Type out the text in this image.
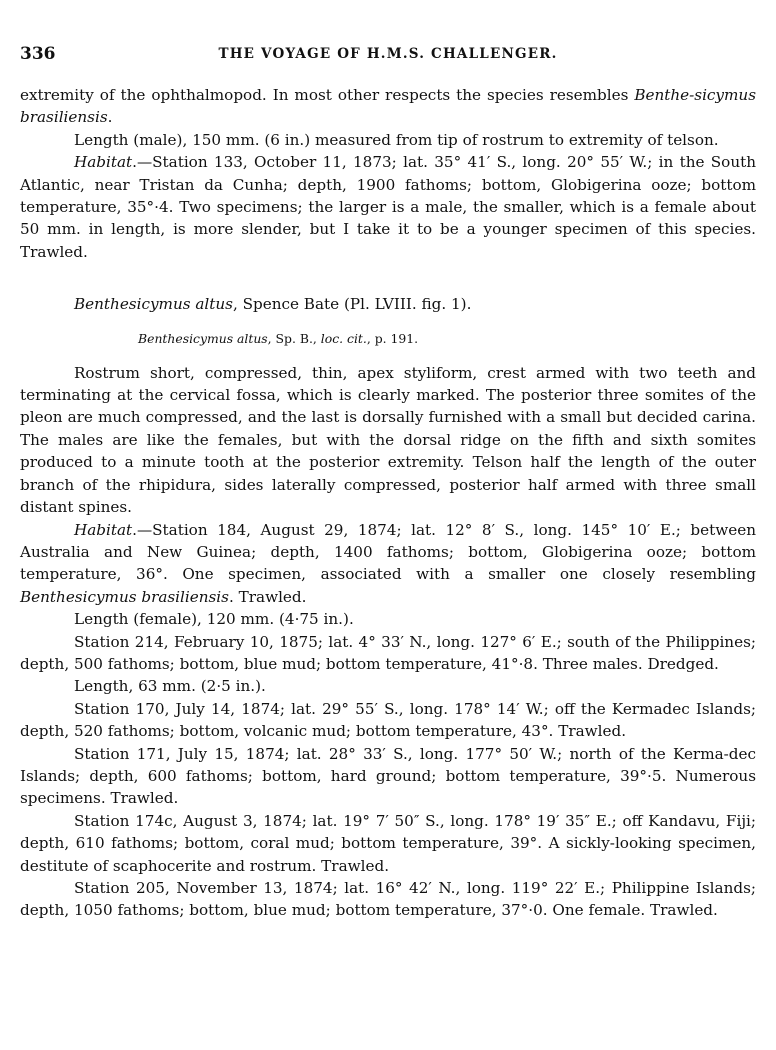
336	THE VOYAGE OF H.M.S. CHALLENGER.

extremity of the ophthalmopod. In most other respects the species resembles Benthe-sicymus brasiliensis.

Length (male), 150 mm. (6 in.) measured from tip of rostrum to extremity of telson.

Habitat.—Station 133, October 11, 1873; lat. 35° 41′ S., long. 20° 55′ W.; in the South Atlantic, near Tristan da Cunha; depth, 1900 fathoms; bottom, Globigerina ooze; bottom temperature, 35°·4. Two specimens; the larger is a male, the smaller, which is a female about 50 mm. in length, is more slender, but I take it to be a younger specimen of this species. Trawled.

Benthesicymus altus, Spence Bate (Pl. LVIII. fig. 1).

Benthesicymus altus, Sp. B., loc. cit., p. 191.

Rostrum short, compressed, thin, apex styliform, crest armed with two teeth and terminating at the cervical fossa, which is clearly marked. The posterior three somites of the pleon are much compressed, and the last is dorsally furnished with a small but decided carina. The males are like the females, but with the dorsal ridge on the fifth and sixth somites produced to a minute tooth at the posterior extremity. Telson half the length of the outer branch of the rhipidura, sides laterally compressed, posterior half armed with three small distant spines.

Habitat.—Station 184, August 29, 1874; lat. 12° 8′ S., long. 145° 10′ E.; between Australia and New Guinea; depth, 1400 fathoms; bottom, Globigerina ooze; bottom temperature, 36°. One specimen, associated with a smaller one closely resembling Benthesicymus brasiliensis. Trawled.

Length (female), 120 mm. (4·75 in.).

Station 214, February 10, 1875; lat. 4° 33′ N., long. 127° 6′ E.; south of the Philippines; depth, 500 fathoms; bottom, blue mud; bottom temperature, 41°·8. Three males. Dredged.

Length, 63 mm. (2·5 in.).

Station 170, July 14, 1874; lat. 29° 55′ S., long. 178° 14′ W.; off the Kermadec Islands; depth, 520 fathoms; bottom, volcanic mud; bottom temperature, 43°. Trawled.

Station 171, July 15, 1874; lat. 28° 33′ S., long. 177° 50′ W.; north of the Kerma-dec Islands; depth, 600 fathoms; bottom, hard ground; bottom temperature, 39°·5. Numerous specimens. Trawled.

Station 174c, August 3, 1874; lat. 19° 7′ 50″ S., long. 178° 19′ 35″ E.; off Kandavu, Fiji; depth, 610 fathoms; bottom, coral mud; bottom temperature, 39°. A sickly-looking specimen, destitute of scaphocerite and rostrum. Trawled.

Station 205, November 13, 1874; lat. 16° 42′ N., long. 119° 22′ E.; Philippine Islands; depth, 1050 fathoms; bottom, blue mud; bottom temperature, 37°·0. One female. Trawled.
